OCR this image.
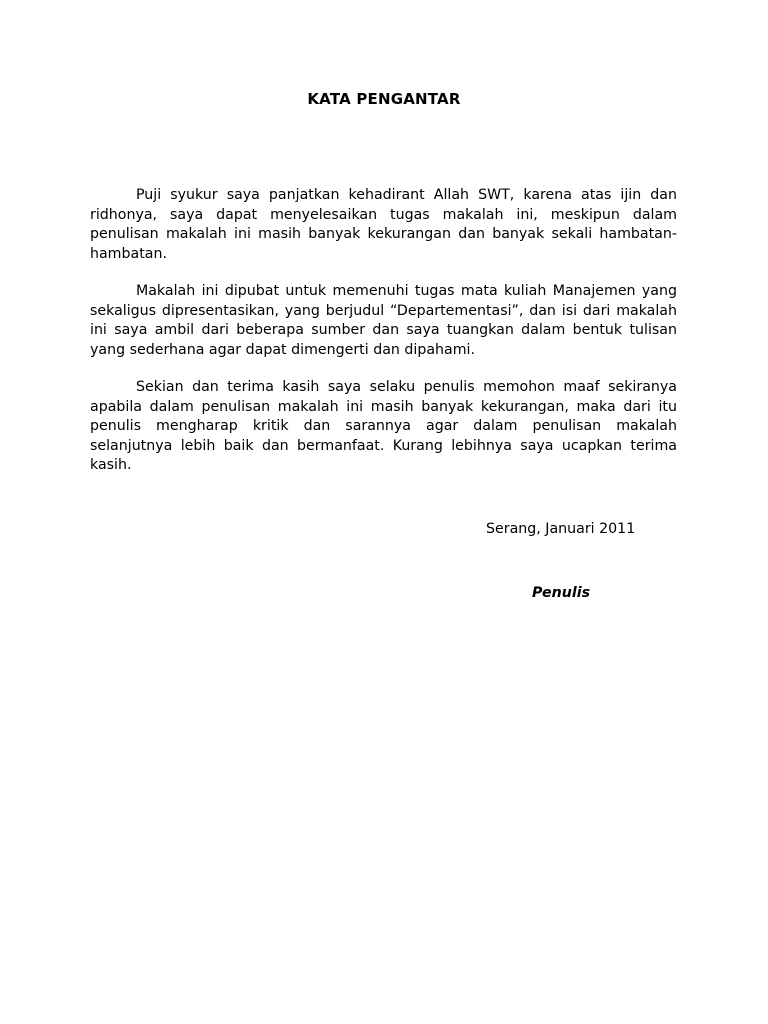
KATA PENGANTAR

Puji syukur saya panjatkan kehadirant Allah SWT, karena atas ijin dan ridhonya, saya dapat menyelesaikan tugas makalah ini, meskipun dalam penulisan makalah ini masih banyak kekurangan dan banyak sekali hambatan-hambatan.

Makalah ini dipubat untuk memenuhi tugas mata kuliah Manajemen yang sekaligus dipresentasikan, yang berjudul “Departementasi”, dan isi dari makalah ini saya ambil dari beberapa sumber dan saya tuangkan dalam bentuk tulisan yang sederhana agar dapat dimengerti dan dipahami.

Sekian dan terima kasih saya selaku penulis memohon maaf sekiranya apabila dalam penulisan makalah ini masih banyak kekurangan, maka dari itu penulis mengharap kritik dan sarannya agar dalam penulisan makalah selanjutnya lebih baik dan bermanfaat. Kurang lebihnya saya ucapkan terima kasih.

Serang, Januari 2011
Penulis
